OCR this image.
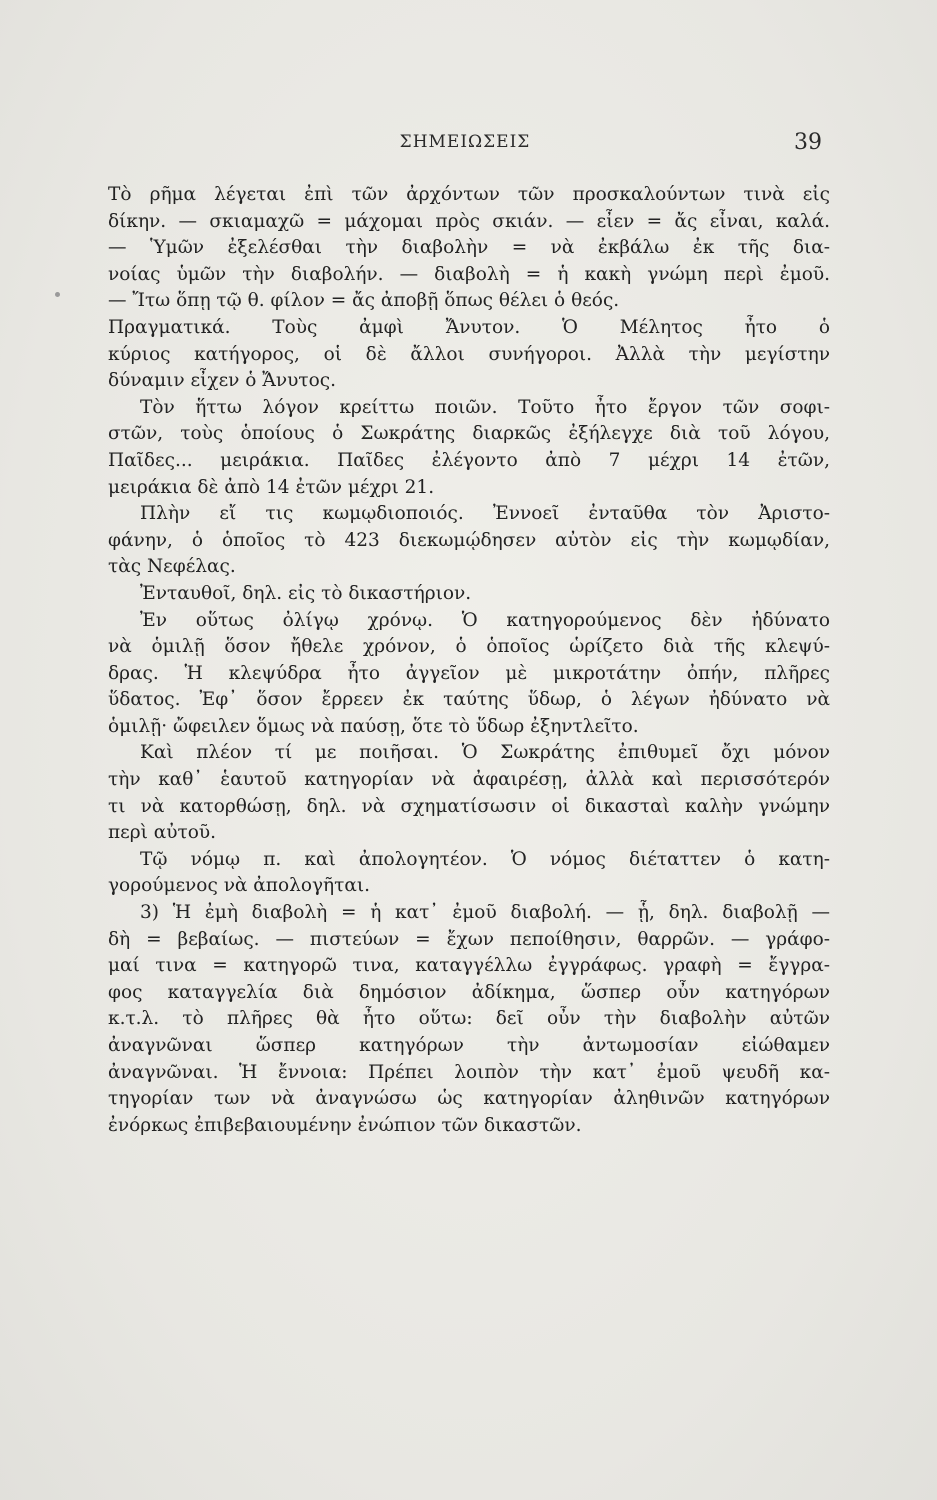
ΣΗΜΕΙΩΣΕΙΣ	39
Τὸ ρῆμα λέγεται ἐπὶ τῶν ἀρχόντων τῶν προσκαλούντων τινὰ εἰς
δίκην. — σκιαμαχῶ = μάχομαι πρὸς σκιάν. — εἶεν = ἄς εἶναι, καλά.
— Ὑμῶν ἐξελέσθαι τὴν διαβολὴν = νὰ ἐκβάλω ἐκ τῆς δια-
νοίας ὑμῶν τὴν διαβολήν. — διαβολὴ = ἡ κακὴ γνώμη περὶ ἐμοῦ.
— Ἴτω ὅπῃ τῷ θ. φίλον = ἄς ἀποβῇ ὅπως θέλει ὁ θεός.
Πραγματικά. Τοὺς ἀμφὶ Ἄνυτον. Ὁ Μέλητος ἦτο ὁ
κύριος κατήγορος, οἱ δὲ ἄλλοι συνήγοροι. Ἀλλὰ τὴν μεγίστην
δύναμιν εἶχεν ὁ Ἄνυτος.
Τὸν ἥττω λόγον κρείττω ποιῶν. Τοῦτο ἦτο ἔργον τῶν σοφι-
στῶν, τοὺς ὁποίους ὁ Σωκράτης διαρκῶς ἐξήλεγχε διὰ τοῦ λόγου,
Παῖδες... μειράκια. Παῖδες ἐλέγοντο ἀπὸ 7 μέχρι 14 ἐτῶν,
μειράκια δὲ ἀπὸ 14 ἐτῶν μέχρι 21.
Πλὴν εἴ τις κωμῳδιοποιός. Ἐννοεῖ ἐνταῦθα τὸν Ἀριστο-
φάνην, ὁ ὁποῖος τὸ 423 διεκωμῴδησεν αὐτὸν εἰς τὴν κωμῳδίαν,
τὰς Νεφέλας.
Ἐνταυθοῖ, δηλ. εἰς τὸ δικαστήριον.
Ἐν οὕτως ὀλίγῳ χρόνῳ. Ὁ κατηγορούμενος δὲν ἠδύνατο
νὰ ὁμιλῇ ὅσον ἤθελε χρόνον, ὁ ὁποῖος ὡρίζετο διὰ τῆς κλεψύ-
δρας. Ἡ κλεψύδρα ἦτο ἀγγεῖον μὲ μικροτάτην ὀπήν, πλῆρες
ὕδατος. Ἐφ᾽ ὅσον ἔρρεεν ἐκ ταύτης ὕδωρ, ὁ λέγων ἠδύνατο νὰ
ὁμιλῇ· ὤφειλεν ὅμως νὰ παύσῃ, ὅτε τὸ ὕδωρ ἐξηντλεῖτο.
Καὶ πλέον τί με ποιῆσαι. Ὁ Σωκράτης ἐπιθυμεῖ ὄχι μόνον
τὴν καθ᾽ ἑαυτοῦ κατηγορίαν νὰ ἀφαιρέσῃ, ἀλλὰ καὶ περισσότερόν
τι νὰ κατορθώσῃ, δηλ. νὰ σχηματίσωσιν οἱ δικασταὶ καλὴν γνώμην
περὶ αὐτοῦ.
Τῷ νόμῳ π. καὶ ἀπολογητέον. Ὁ νόμος διέταττεν ὁ κατη-
γορούμενος νὰ ἀπολογῆται.
3) Ἡ ἐμὴ διαβολὴ = ἡ κατ᾽ ἐμοῦ διαβολή. — ᾗ, δηλ. διαβολῇ —
δὴ = βεβαίως. — πιστεύων = ἔχων πεποίθησιν, θαρρῶν. — γράφο-
μαί τινα = κατηγορῶ τινα, καταγγέλλω ἐγγράφως. γραφὴ = ἔγγρα-
φος καταγγελία διὰ δημόσιον ἀδίκημα, ὥσπερ οὖν κατηγόρων
κ.τ.λ. τὸ πλῆρες θὰ ἦτο οὕτω: δεῖ οὖν τὴν διαβολὴν αὐτῶν
ἀναγνῶναι ὥσπερ κατηγόρων τὴν ἀντωμοσίαν εἰώθαμεν
ἀναγνῶναι. Ἡ ἔννοια: Πρέπει λοιπὸν τὴν κατ᾽ ἐμοῦ ψευδῆ κα-
τηγορίαν των νὰ ἀναγνώσω ὡς κατηγορίαν ἀληθινῶν κατηγόρων
ἐνόρκως ἐπιβεβαιουμένην ἐνώπιον τῶν δικαστῶν.
